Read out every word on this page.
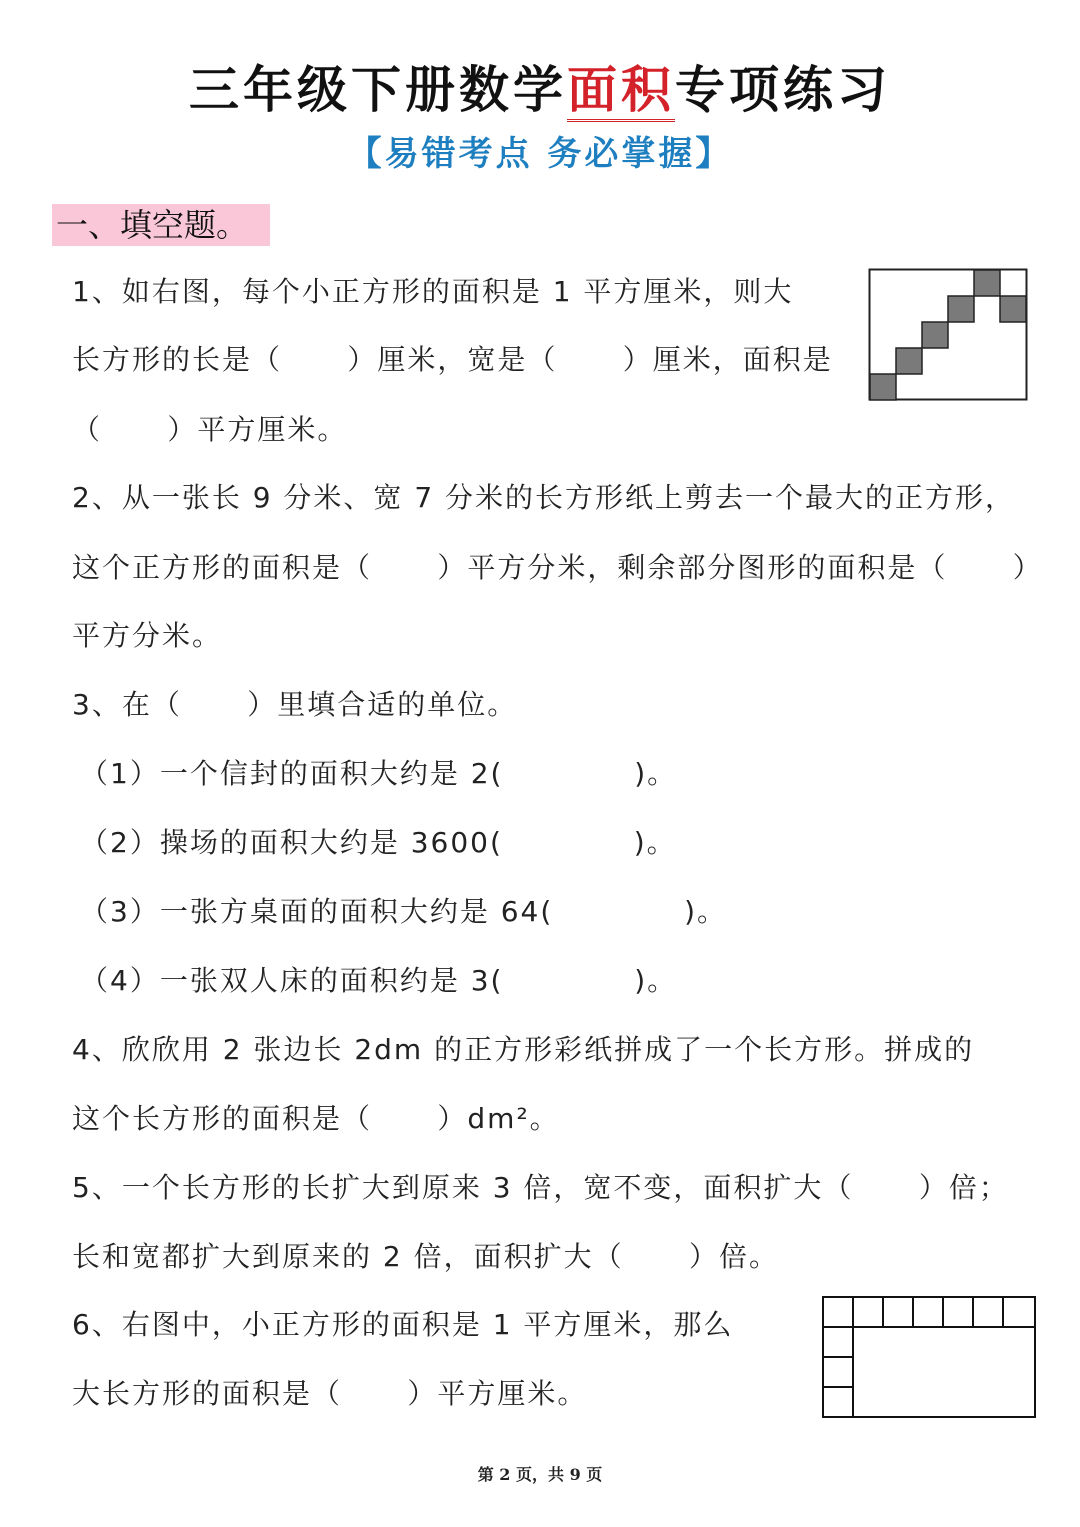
三年级下册数学面积专项练习
【易错考点 务必掌握】
一、填空题。
1、如右图，每个小正方形的面积是 1 平方厘米，则大
长方形的长是（      ）厘米，宽是（      ）厘米，面积是
（      ）平方厘米。
2、从一张长 9 分米、宽 7 分米的长方形纸上剪去一个最大的正方形，
这个正方形的面积是（      ）平方分米，剩余部分图形的面积是（      ）
平方分米。
3、在（      ）里填合适的单位。
（1）一个信封的面积大约是 2(            )。
（2）操场的面积大约是 3600(            )。
（3）一张方桌面的面积大约是 64(            )。
（4）一张双人床的面积约是 3(            )。
4、欣欣用 2 张边长 2dm 的正方形彩纸拼成了一个长方形。拼成的
这个长方形的面积是（      ）dm²。
5、一个长方形的长扩大到原来 3 倍，宽不变，面积扩大（      ）倍；
长和宽都扩大到原来的 2 倍，面积扩大（      ）倍。
6、右图中，小正方形的面积是 1 平方厘米，那么
大长方形的面积是（      ）平方厘米。
第 2 页，共 9 页
